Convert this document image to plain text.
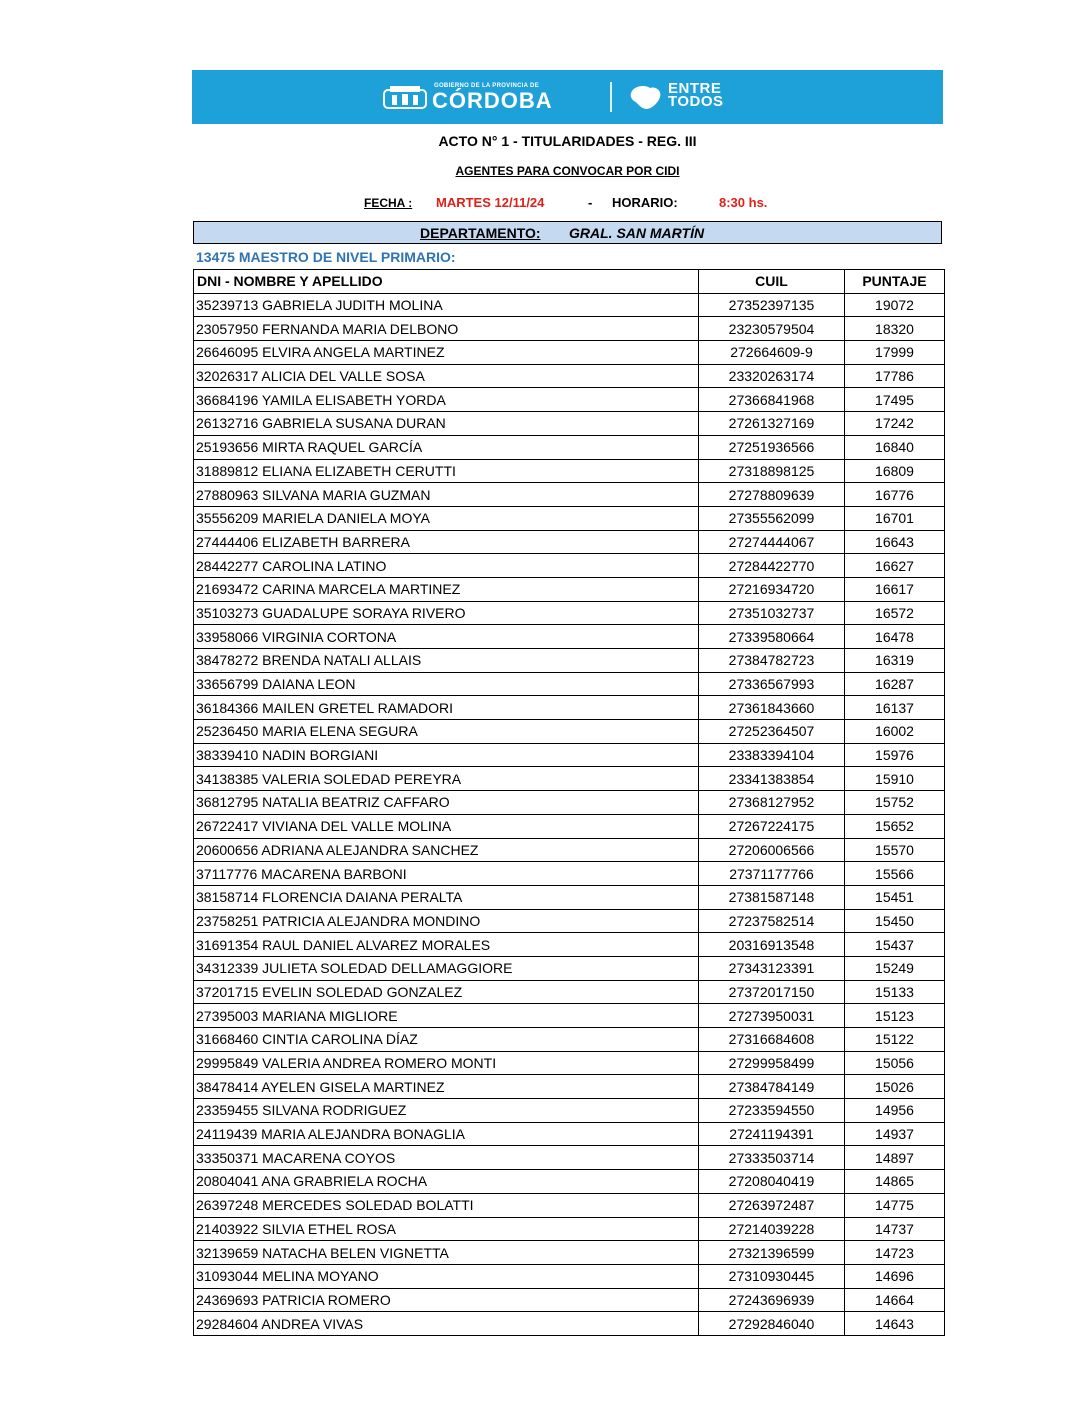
GOBIERNO DE LA PROVINCIA DE
CÓRDOBA	ENTRE
TODOS
ACTO N° 1 - TITULARIDADES - REG. III
AGENTES PARA CONVOCAR POR CIDI
FECHA : MARTES 12/11/24	- HORARIO:	8:30 hs.
DEPARTAMENTO: GRAL. SAN MARTÍN
13475 MAESTRO DE NIVEL PRIMARIO:
DNI - NOMBRE Y APELLIDO	CUIL	PUNTAJE
35239713 GABRIELA JUDITH MOLINA	27352397135	19072
23057950 FERNANDA MARIA DELBONO	23230579504	18320
26646095 ELVIRA ANGELA MARTINEZ	272664609-9	17999
32026317 ALICIA DEL VALLE SOSA	23320263174	17786
36684196 YAMILA ELISABETH YORDA	27366841968	17495
26132716 GABRIELA SUSANA DURAN	27261327169	17242
25193656 MIRTA RAQUEL GARCÍA	27251936566	16840
31889812 ELIANA ELIZABETH CERUTTI	27318898125	16809
27880963 SILVANA MARIA GUZMAN	27278809639	16776
35556209 MARIELA DANIELA MOYA	27355562099	16701
27444406 ELIZABETH BARRERA	27274444067	16643
28442277 CAROLINA LATINO	27284422770	16627
21693472 CARINA MARCELA MARTINEZ	27216934720	16617
35103273 GUADALUPE SORAYA RIVERO	27351032737	16572
33958066 VIRGINIA CORTONA	27339580664	16478
38478272 BRENDA NATALI ALLAIS	27384782723	16319
33656799 DAIANA LEON	27336567993	16287
36184366 MAILEN GRETEL RAMADORI	27361843660	16137
25236450 MARIA ELENA SEGURA	27252364507	16002
38339410 NADIN BORGIANI	23383394104	15976
34138385 VALERIA SOLEDAD PEREYRA	23341383854	15910
36812795 NATALIA BEATRIZ CAFFARO	27368127952	15752
26722417 VIVIANA DEL VALLE MOLINA	27267224175	15652
20600656 ADRIANA ALEJANDRA SANCHEZ	27206006566	15570
37117776 MACARENA BARBONI	27371177766	15566
38158714 FLORENCIA DAIANA PERALTA	27381587148	15451
23758251 PATRICIA ALEJANDRA MONDINO	27237582514	15450
31691354 RAUL DANIEL ALVAREZ MORALES	20316913548	15437
34312339 JULIETA SOLEDAD DELLAMAGGIORE	27343123391	15249
37201715 EVELIN SOLEDAD GONZALEZ	27372017150	15133
27395003 MARIANA MIGLIORE	27273950031	15123
31668460 CINTIA CAROLINA DÍAZ	27316684608	15122
29995849 VALERIA ANDREA ROMERO MONTI	27299958499	15056
38478414 AYELEN GISELA MARTINEZ	27384784149	15026
23359455 SILVANA RODRIGUEZ	27233594550	14956
24119439 MARIA ALEJANDRA BONAGLIA	27241194391	14937
33350371 MACARENA COYOS	27333503714	14897
20804041 ANA GRABRIELA ROCHA	27208040419	14865
26397248 MERCEDES SOLEDAD BOLATTI	27263972487	14775
21403922 SILVIA ETHEL ROSA	27214039228	14737
32139659 NATACHA BELEN VIGNETTA	27321396599	14723
31093044 MELINA MOYANO	27310930445	14696
24369693 PATRICIA ROMERO	27243696939	14664
29284604 ANDREA VIVAS	27292846040	14643
